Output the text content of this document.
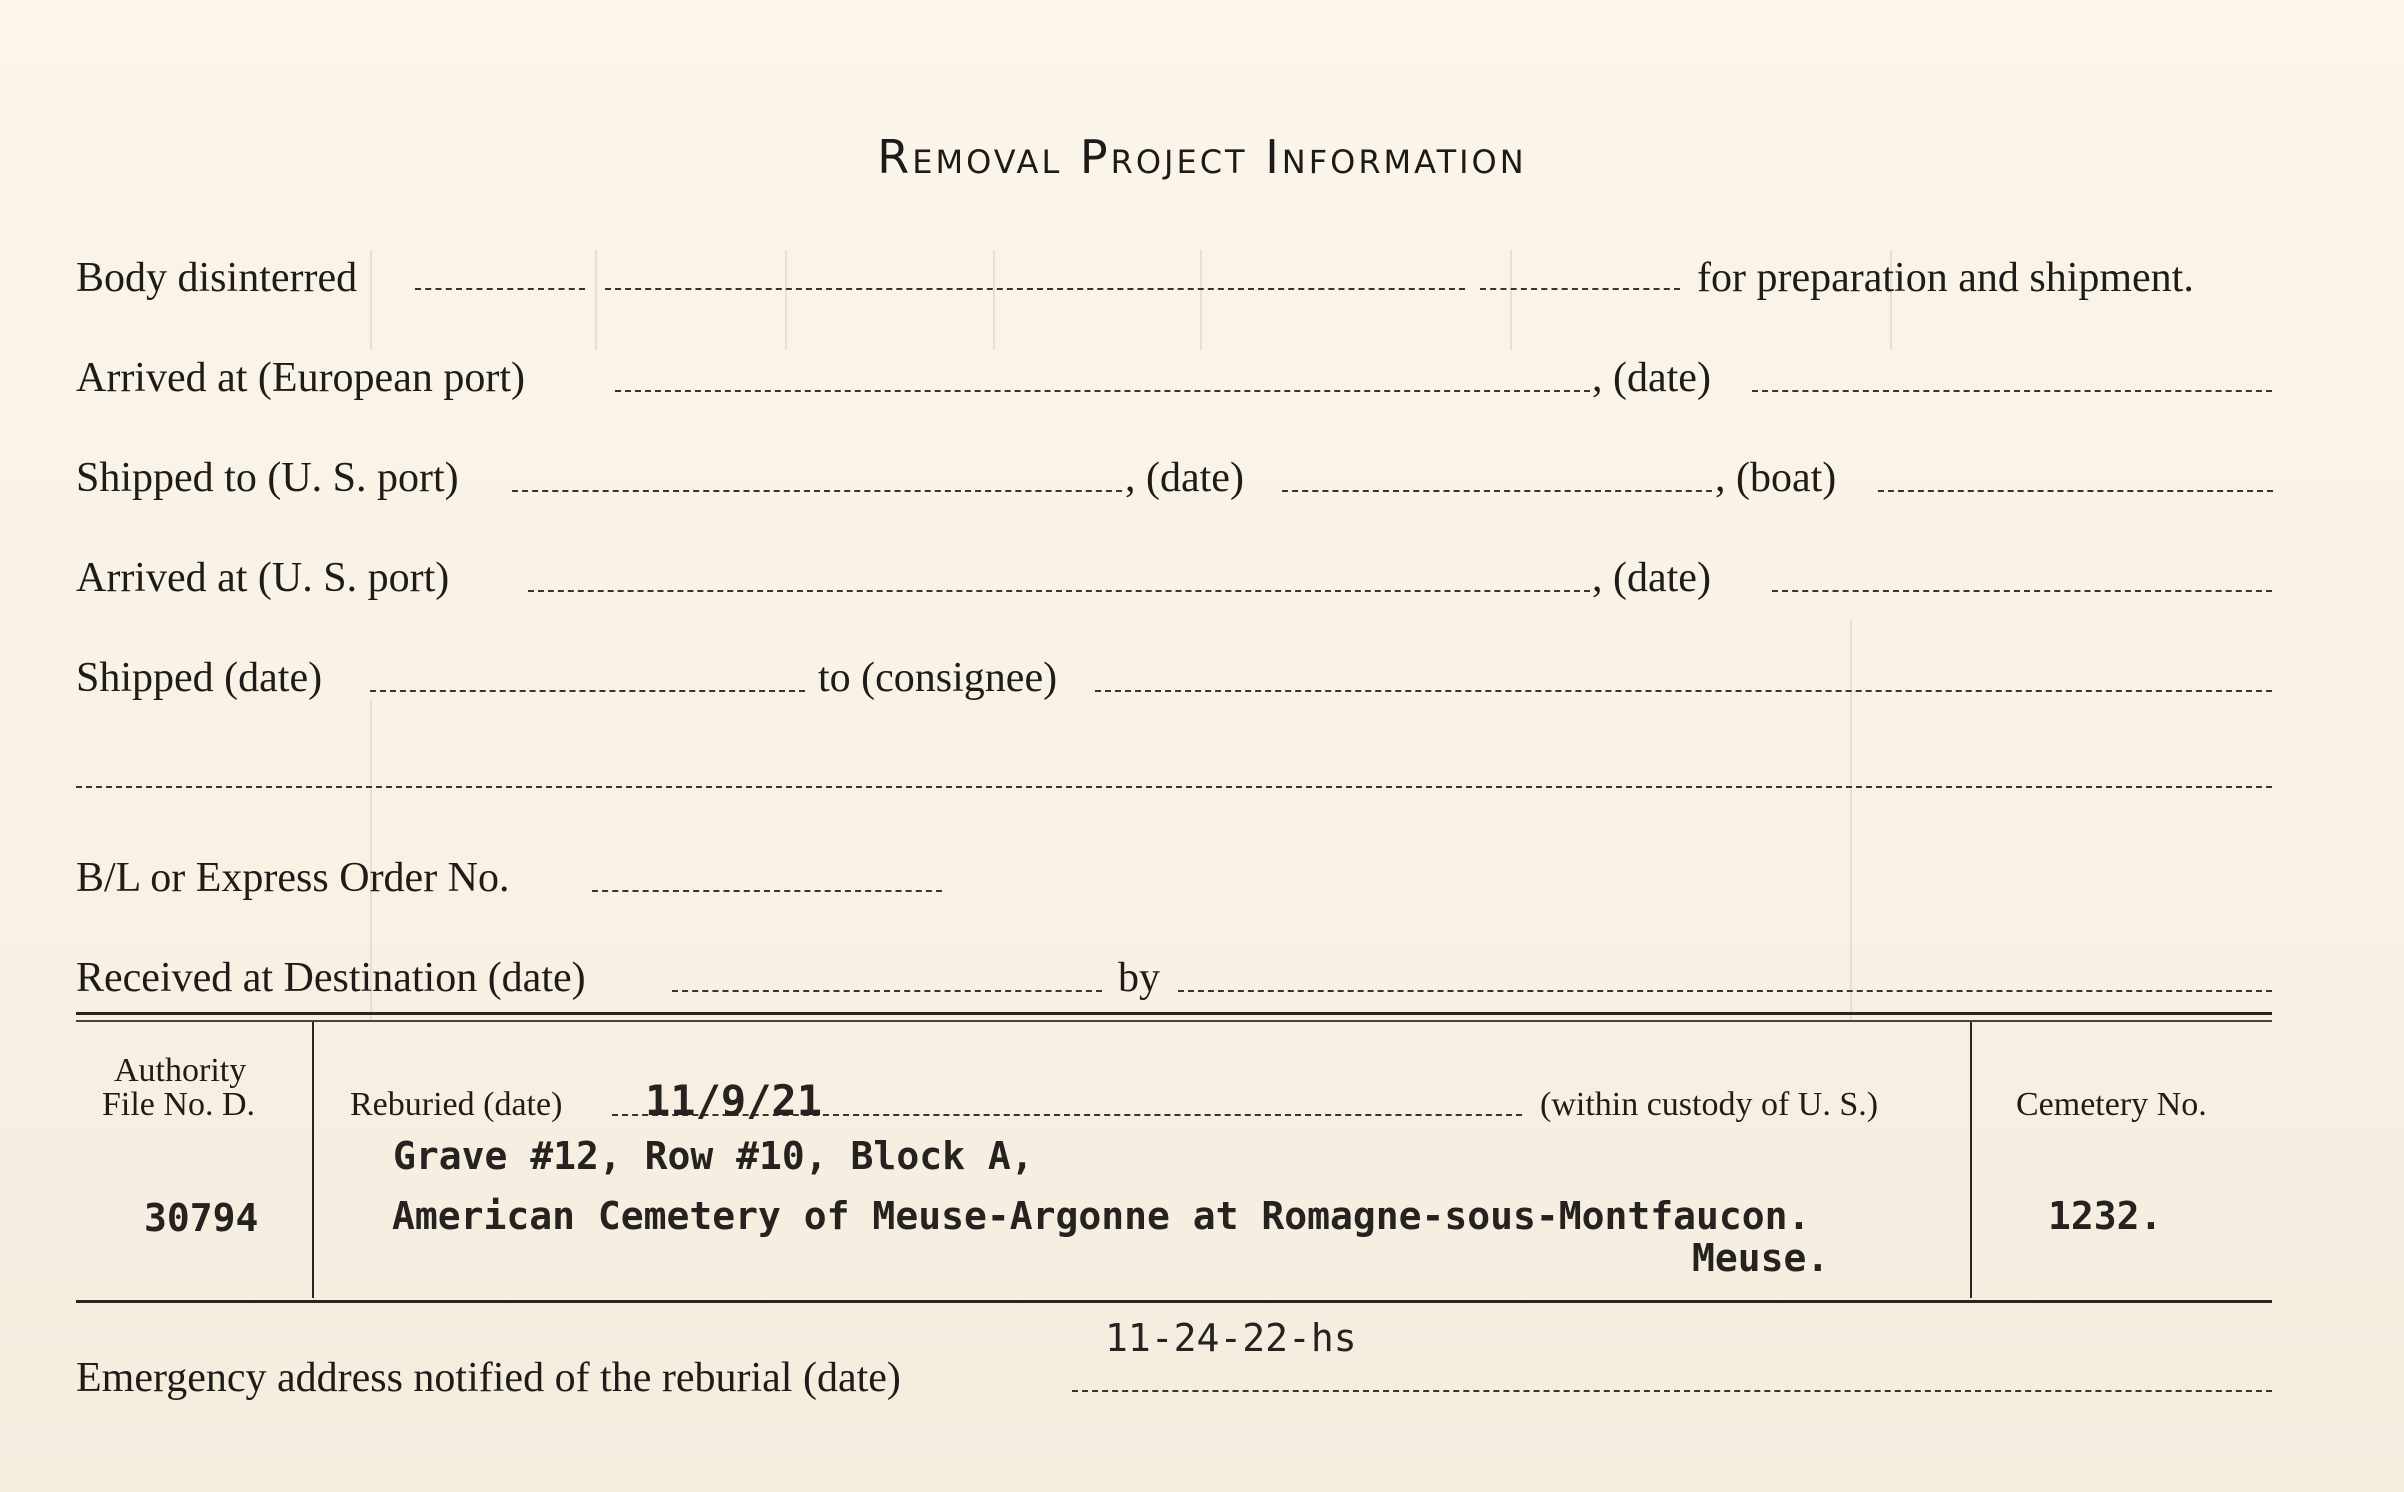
Removal Project Information
Body disinterred	for preparation and shipment.
Arrived at (European port)	, (date)
Shipped to (U. S. port)	, (date)	, (boat)
Arrived at (U. S. port)	, (date)
Shipped (date)	to (consignee)
B/L or Express Order No.
Received at Destination (date)	by
Authority
File No. D.
30794
Reburied (date) 11/9/21	(within custody of U. S.)
Grave #12, Row #10, Block A,
American Cemetery of Meuse-Argonne at Romagne-sous-Montfaucon.
Meuse.
Cemetery No.
1232.
11-24-22-hs
Emergency address notified of the reburial (date)
